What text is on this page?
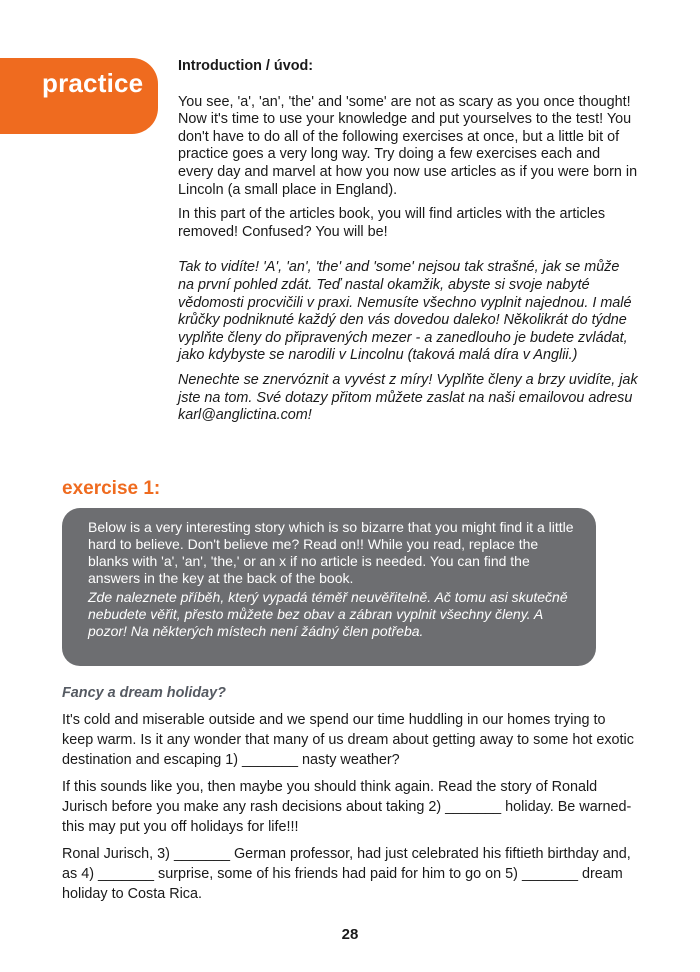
practice

Introduction / úvod:

You see, 'a', 'an', 'the' and 'some' are not as scary as you once thought! Now it's time to use your knowledge and put yourselves to the test! You don't have to do all of the following exercises at once, but a little bit of practice goes a very long way. Try doing a few exercises each and every day and marvel at how you now use articles as if you were born in Lincoln (a small place in England).

In this part of the articles book, you will find articles with the articles removed! Confused? You will be!

Tak to vidíte! 'A', 'an', 'the' and 'some' nejsou tak strašné, jak se může na první pohled zdát. Teď nastal okamžik, abyste si svoje nabyté vědomosti procvičili v praxi. Nemusíte všechno vyplnit najednou. I malé krůčky podniknuté každý den vás dovedou daleko! Několikrát do týdne vyplňte členy do připravených mezer - a zanedlouho je budete zvládat, jako kdybyste se narodili v Lincolnu (taková malá díra v Anglii.)

Nenechte se znervóznit a vyvést z míry! Vyplňte členy a brzy uvidíte, jak jste na tom. Své dotazy přitom můžete zaslat na naši emailovou adresu karl@anglictina.com!

exercise 1:

Below is a very interesting story which is so bizarre that you might find it a little hard to believe. Don't believe me? Read on!! While you read, replace the blanks with 'a', 'an', 'the,' or an x if no article is needed. You can find the answers in the key at the back of the book.

Zde naleznete příběh, který vypadá téměř neuvěřitelně. Ač tomu asi skutečně nebudete věřit, přesto můžete bez obav a zábran vyplnit všechny členy. A pozor! Na některých místech není žádný člen potřeba.

Fancy a dream holiday?

It's cold and miserable outside and we spend our time huddling in our homes trying to keep warm. Is it any wonder that many of us dream about getting away to some hot exotic destination and escaping 1) _______ nasty weather?

If this sounds like you, then maybe you should think again. Read the story of Ronald Jurisch before you make any rash decisions about taking 2) _______ holiday. Be warned- this may put you off holidays for life!!!

Ronal Jurisch, 3) _______ German professor, had just celebrated his fiftieth birthday and, as 4) _______ surprise, some of his friends had paid for him to go on 5) _______ dream holiday to Costa Rica.

28
